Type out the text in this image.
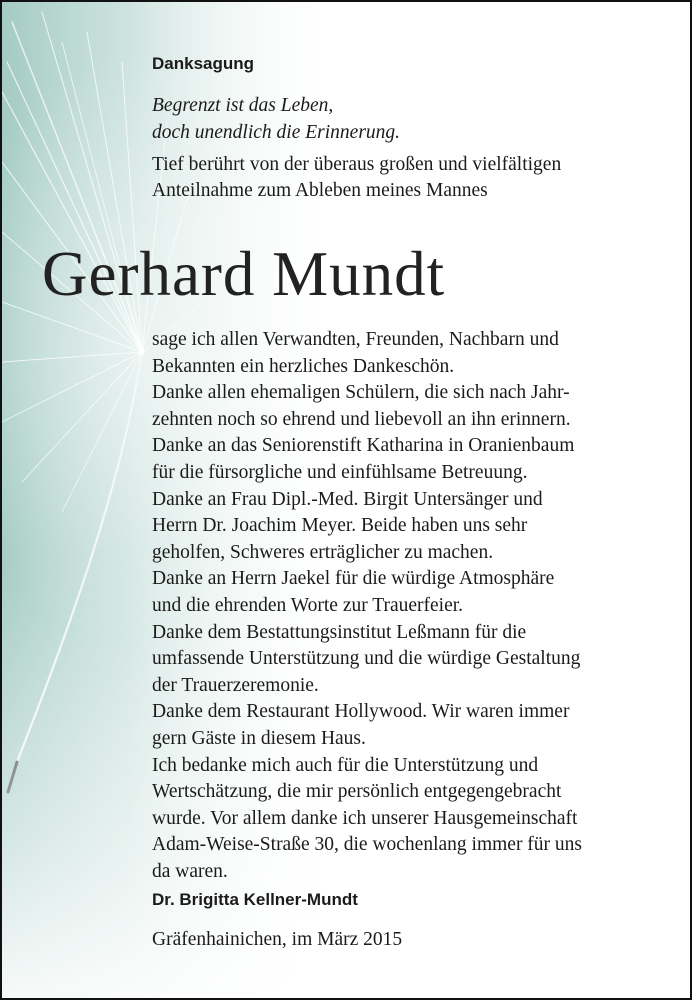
Danksagung
Begrenzt ist das Leben,
doch unendlich die Erinnerung.
Tief berührt von der überaus großen und vielfältigen
Anteilnahme zum Ableben meines Mannes
Gerhard Mundt
sage ich allen Verwandten, Freunden, Nachbarn und
Bekannten ein herzliches Dankeschön.
Danke allen ehemaligen Schülern, die sich nach Jahr-
zehnten noch so ehrend und liebevoll an ihn erinnern.
Danke an das Seniorenstift Katharina in Oranienbaum
für die fürsorgliche und einfühlsame Betreuung.
Danke an Frau Dipl.-Med. Birgit Untersänger und
Herrn Dr. Joachim Meyer. Beide haben uns sehr
geholfen, Schweres erträglicher zu machen.
Danke an Herrn Jaekel für die würdige Atmosphäre
und die ehrenden Worte zur Trauerfeier.
Danke dem Bestattungsinstitut Leßmann für die
umfassende Unterstützung und die würdige Gestaltung
der Trauerzeremonie.
Danke dem Restaurant Hollywood. Wir waren immer
gern Gäste in diesem Haus.
Ich bedanke mich auch für die Unterstützung und
Wertschätzung, die mir persönlich entgegengebracht
wurde. Vor allem danke ich unserer Hausgemeinschaft
Adam-Weise-Straße 30, die wochenlang immer für uns
da waren.
Dr. Brigitta Kellner-Mundt
Gräfenhainichen, im März 2015
